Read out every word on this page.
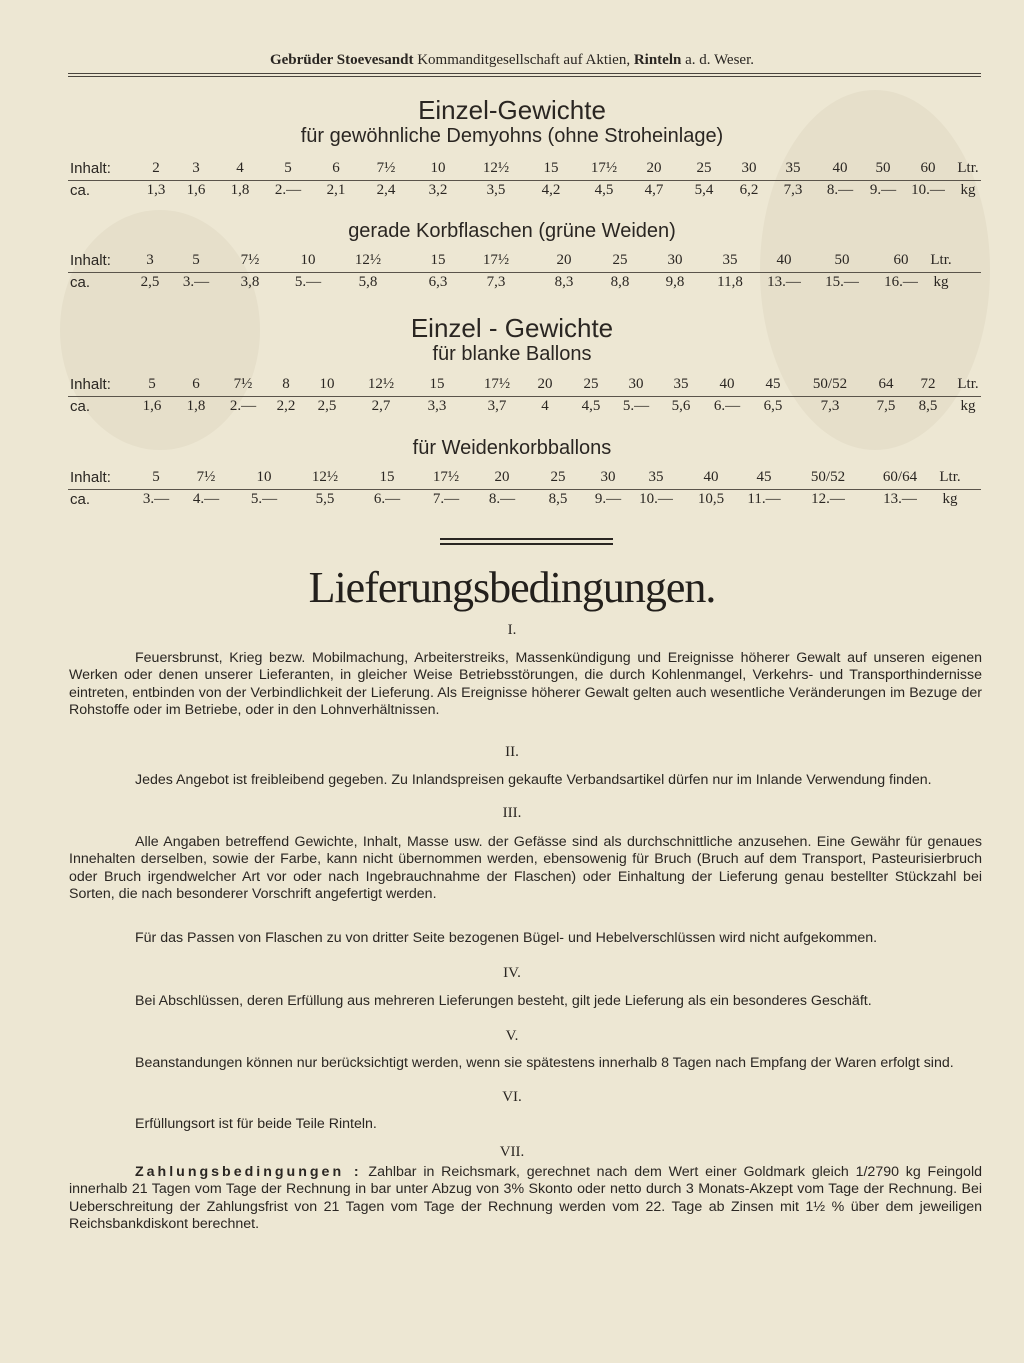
Gebrüder Stoevesandt Kommanditgesellschaft auf Aktien, Rinteln a. d. Weser.
Einzel-Gewichte
für gewöhnliche Demyohns (ohne Stroheinlage)
Inhalt:	2 3 4	5	6 7½ 10 12½ 15 17½ 20 25 30 35 40 50 60 Ltr.
ca.	1,3 1,6 1,8 2.— 2,1 2,4 3,2	3,5 4,2 4,5 4,7 5,4 6,2 7,3 8.— 9.— 10.— kg
gerade Korbflaschen (grüne Weiden)
Inhalt: 3	5	7½	10	12½	15 17½	20	25	30	35	40	50	60 Ltr.
ca.	2,5 3.— 3,8 5.—	5,8	6,3	7,3	8,3 8,8 9,8 11,8 13.— 15.— 16.— kg
Einzel - Gewichte
für blanke Ballons
Inhalt: 5 6 7½ 8 10 12½ 15	17½ 20 25 30 35 40 45 50/52 64 72 Ltr.
ca.	1,6 1,8 2.— 2,2 2,5 2,7 3,3	3,7 4 4,5 5.— 5,6 6.— 6,5	7,3 7,5 8,5 kg
für Weidenkorbballons
Inhalt:	5 7½	10	12½	15	17½ 20	25 30 35	40	45	50/52	60/64 Ltr.
ca.	3.— 4.— 5.—	5,5	6.— 7.— 8.— 8,5 9.— 10.— 10,5 11.— 12.—	13.— kg
Lieferungsbedingungen.
I.
Feuersbrunst, Krieg bezw. Mobilmachung, Arbeiterstreiks, Massenkündigung und Ereignisse höherer Gewalt auf unseren eigenen Werken oder denen unserer Lieferanten, in gleicher Weise Betriebsstörungen, die durch Kohlenmangel, Verkehrs- und Transporthindernisse eintreten, entbinden von der Verbindlichkeit der Lieferung. Als Ereignisse höherer Gewalt gelten auch wesentliche Veränderungen im Bezuge der Rohstoffe oder im Betriebe, oder in den Lohnverhältnissen.
II.
Jedes Angebot ist freibleibend gegeben. Zu Inlandspreisen gekaufte Verbandsartikel dürfen nur im Inlande Verwendung finden.
III.
Alle Angaben betreffend Gewichte, Inhalt, Masse usw. der Gefässe sind als durchschnittliche anzusehen. Eine Gewähr für genaues Innehalten derselben, sowie der Farbe, kann nicht übernommen werden, ebensowenig für Bruch (Bruch auf dem Transport, Pasteurisierbruch oder Bruch irgendwelcher Art vor oder nach Ingebrauchnahme der Flaschen) oder Einhaltung der Lieferung genau bestellter Stückzahl bei Sorten, die nach besonderer Vorschrift angefertigt werden.
Für das Passen von Flaschen zu von dritter Seite bezogenen Bügel- und Hebelverschlüssen wird nicht aufgekommen.
IV.
Bei Abschlüssen, deren Erfüllung aus mehreren Lieferungen besteht, gilt jede Lieferung als ein besonderes Geschäft.
V.
Beanstandungen können nur berücksichtigt werden, wenn sie spätestens innerhalb 8 Tagen nach Empfang der Waren erfolgt sind.
VI.
Erfüllungsort ist für beide Teile Rinteln.
VII.
Zahlungsbedingungen : Zahlbar in Reichsmark, gerechnet nach dem Wert einer Goldmark gleich 1/2790 kg Feingold innerhalb 21 Tagen vom Tage der Rechnung in bar unter Abzug von 3% Skonto oder netto durch 3 Monats-Akzept vom Tage der Rechnung. Bei Ueberschreitung der Zahlungsfrist von 21 Tagen vom Tage der Rechnung werden vom 22. Tage ab Zinsen mit 1½ % über dem jeweiligen Reichsbankdiskont berechnet.
